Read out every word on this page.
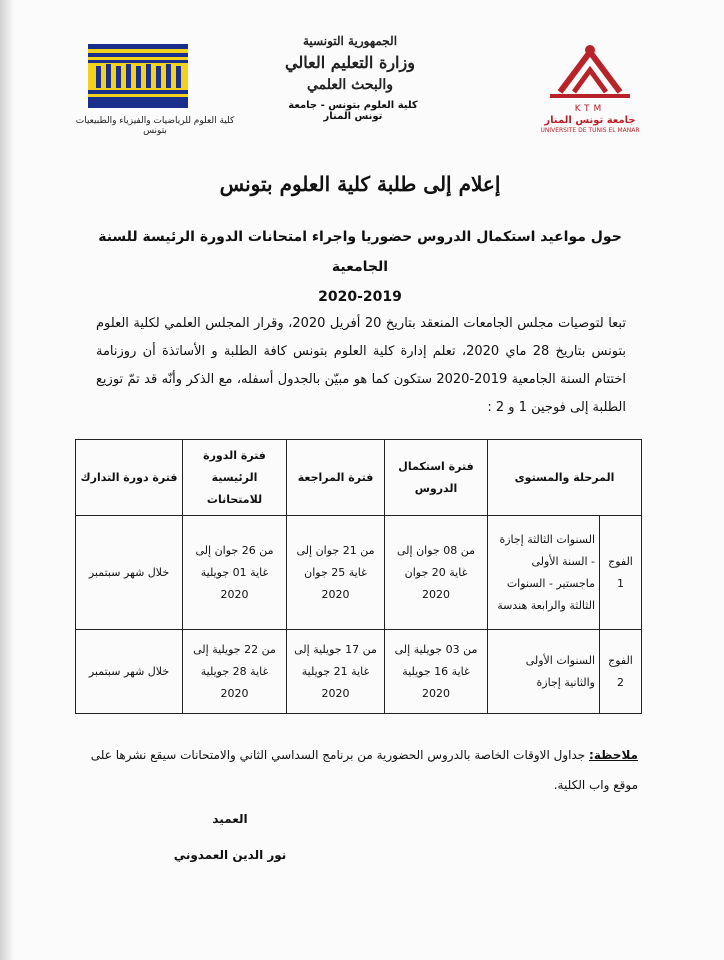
كلية العلوم للرياضيات والفيزياء والطبيعيات بتونس
الجمهورية التونسية
وزارة التعليم العالي
والبحث العلمي
كلية العلوم بتونس - جامعة تونس المنار
KTM
جامعة تونس المنار
UNIVERSITE DE TUNIS EL MANAR
إعلام إلى طلبة كلية العلوم بتونس
حول مواعيد استكمال الدروس حضوريا واجراء امتحانات الدورة الرئيسة للسنة الجامعية
2020-2019
تبعا لتوصيات مجلس الجامعات المنعقد بتاريخ 20 أفريل 2020، وقرار المجلس العلمي لكلية العلوم بتونس بتاريخ 28 ماي 2020، تعلم إدارة كلية العلوم بتونس كافة الطلبة و الأساتذة أن روزنامة اختتام السنة الجامعية 2019-2020 ستكون كما هو مبيّن بالجدول أسفله، مع الذكر وأنّه قد تمّ توزيع الطلبة إلى فوجين 1 و 2 :
المرحلة والمستوى		فترة استكمال الدروس	فترة المراجعة	فترة الدورة الرئيسية للامتحانات	فترة دورة التدارك
الفوج 1	السنوات الثالثة إجازة - السنة الأولى ماجستير - السنوات الثالثة والرابعة هندسة	من 08 جوان إلى غاية 20 جوان 2020	من 21 جوان إلى غاية 25 جوان 2020	من 26 جوان إلى غاية 01 جويلية 2020	خلال شهر سبتمبر
الفوج 2	السنوات الأولى والثانية إجازة	من 03 جويلية إلى غاية 16 جويلية 2020	من 17 جويلية إلى غاية 21 جويلية 2020	من 22 جويلية إلى غاية 28 جويلية 2020	خلال شهر سبتمبر
ملاحظة: جداول الاوقات الخاصة بالدروس الحضورية من برنامج السداسي الثاني والامتحانات سيقع نشرها على موقع واب الكلية.
العميد
نور الدين العمدوني
